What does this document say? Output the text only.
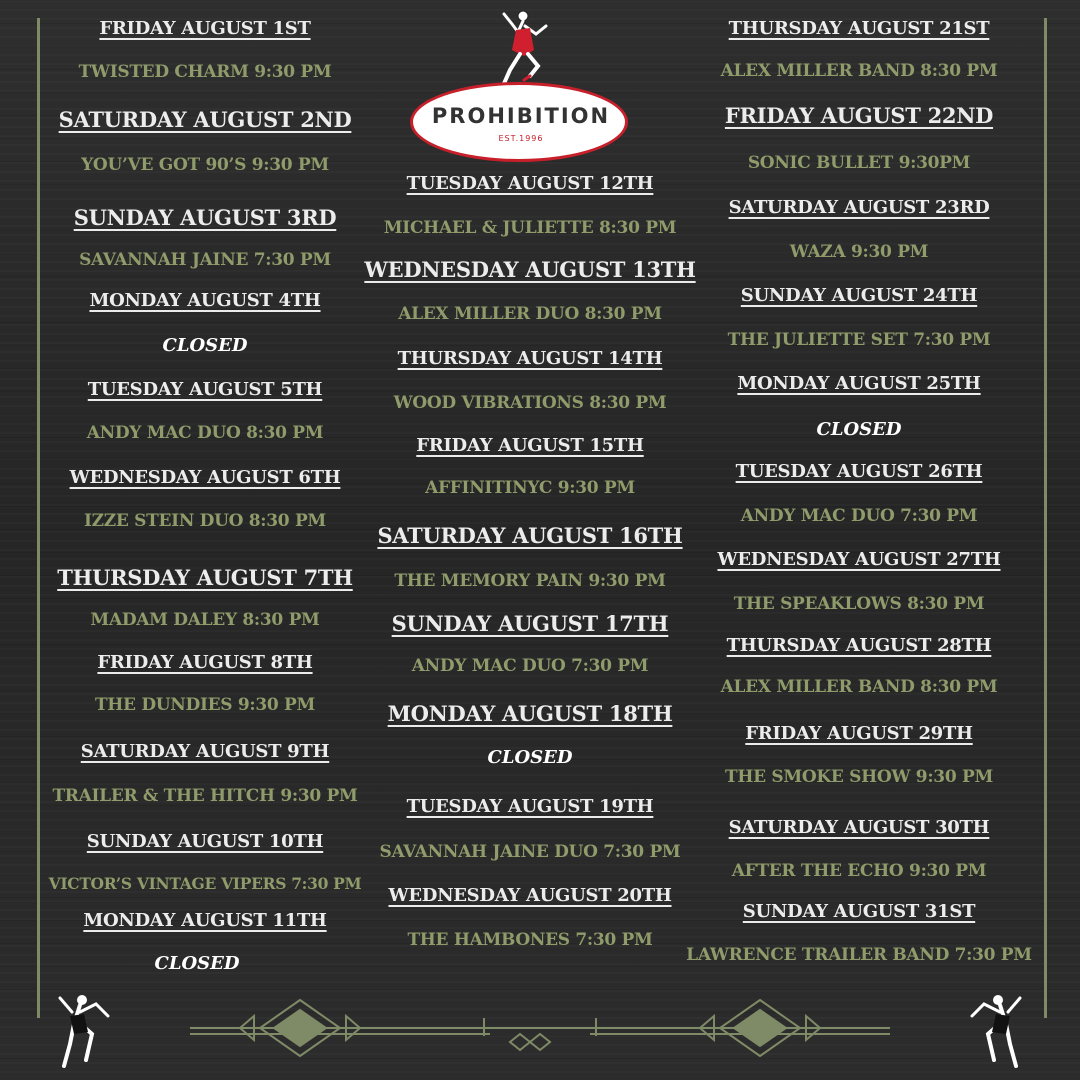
FRIDAY AUGUST 1ST
TWISTED CHARM 9:30 PM
SATURDAY AUGUST 2ND
YOU’VE GOT 90’S 9:30 PM
SUNDAY AUGUST 3RD
SAVANNAH JAINE 7:30 PM
MONDAY AUGUST 4TH
CLOSED
TUESDAY AUGUST 5TH
ANDY MAC DUO 8:30 PM
WEDNESDAY AUGUST 6TH
IZZE STEIN DUO 8:30 PM
THURSDAY AUGUST 7TH
MADAM DALEY 8:30 PM
FRIDAY AUGUST 8TH
THE DUNDIES 9:30 PM
SATURDAY AUGUST 9TH
TRAILER & THE HITCH 9:30 PM
SUNDAY AUGUST 10TH
VICTOR’S VINTAGE VIPERS 7:30 PM
MONDAY AUGUST 11TH
CLOSED
PROHIBITION
EST.1996
TUESDAY AUGUST 12TH
MICHAEL & JULIETTE 8:30 PM
WEDNESDAY AUGUST 13TH
ALEX MILLER DUO 8:30 PM
THURSDAY AUGUST 14TH
WOOD VIBRATIONS 8:30 PM
FRIDAY AUGUST 15TH
AFFINITINYC 9:30 PM
SATURDAY AUGUST 16TH
THE MEMORY PAIN 9:30 PM
SUNDAY AUGUST 17TH
ANDY MAC DUO 7:30 PM
MONDAY AUGUST 18TH
CLOSED
TUESDAY AUGUST 19TH
SAVANNAH JAINE DUO 7:30 PM
WEDNESDAY AUGUST 20TH
THE HAMBONES 7:30 PM
THURSDAY AUGUST 21ST
ALEX MILLER BAND 8:30 PM
FRIDAY AUGUST 22ND
SONIC BULLET 9:30PM
SATURDAY AUGUST 23RD
WAZA 9:30 PM
SUNDAY AUGUST 24TH
THE JULIETTE SET 7:30 PM
MONDAY AUGUST 25TH
CLOSED
TUESDAY AUGUST 26TH
ANDY MAC DUO 7:30 PM
WEDNESDAY AUGUST 27TH
THE SPEAKLOWS 8:30 PM
THURSDAY AUGUST 28TH
ALEX MILLER BAND 8:30 PM
FRIDAY AUGUST 29TH
THE SMOKE SHOW 9:30 PM
SATURDAY AUGUST 30TH
AFTER THE ECHO 9:30 PM
SUNDAY AUGUST 31ST
LAWRENCE TRAILER BAND 7:30 PM
